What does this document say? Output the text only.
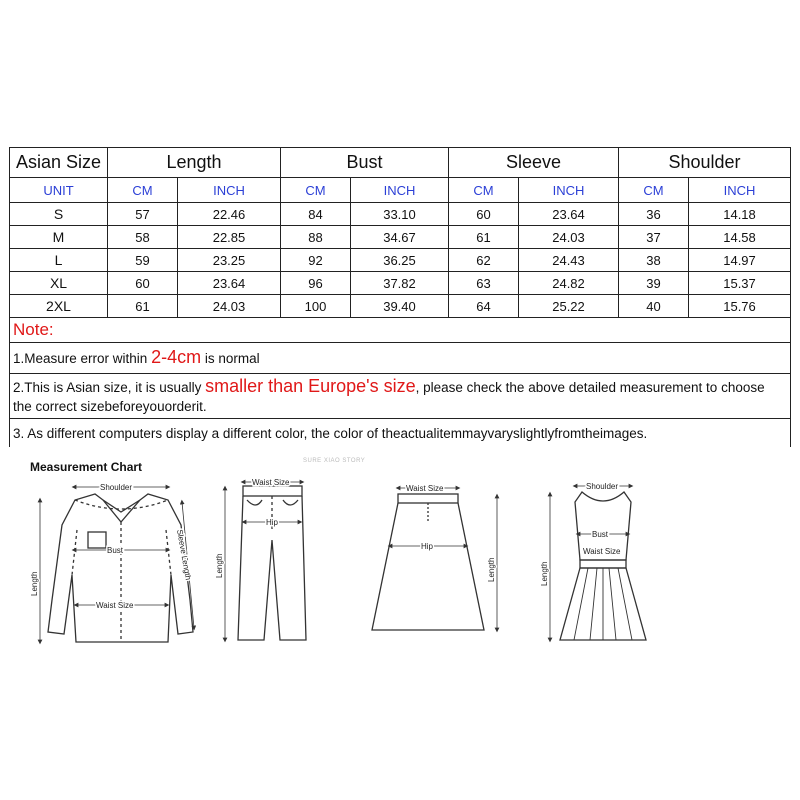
Asian Size	Length		Bust		Sleeve		Shoulder	
UNIT	CM	INCH	CM	INCH	CM	INCH	CM	INCH
S	57	22.46	84	33.10	60	23.64	36	14.18
M	58	22.85	88	34.67	61	24.03	37	14.58
L	59	23.25	92	36.25	62	24.43	38	14.97
XL	60	23.64	96	37.82	63	24.82	39	15.37
2XL	61	24.03	100	39.40	64	25.22	40	15.76
Note:								
1.Measure error within 2-4cm is normal								
2.This is Asian size, it is usually smaller than Europe's size, please check the above detailed measurement to choose the correct sizebeforeyouorderit.								
3. As different computers display a different color, the color of theactualitemmayvaryslightlyfromtheimages.								
Measurement Chart	SURE XIAO STORY
Shoulder
Bust
Waist Size
Length
Sleeve Length
Waist Size
Hip
Length
Waist Size
Hip
Length
Shoulder
Bust
Waist Size
Length
